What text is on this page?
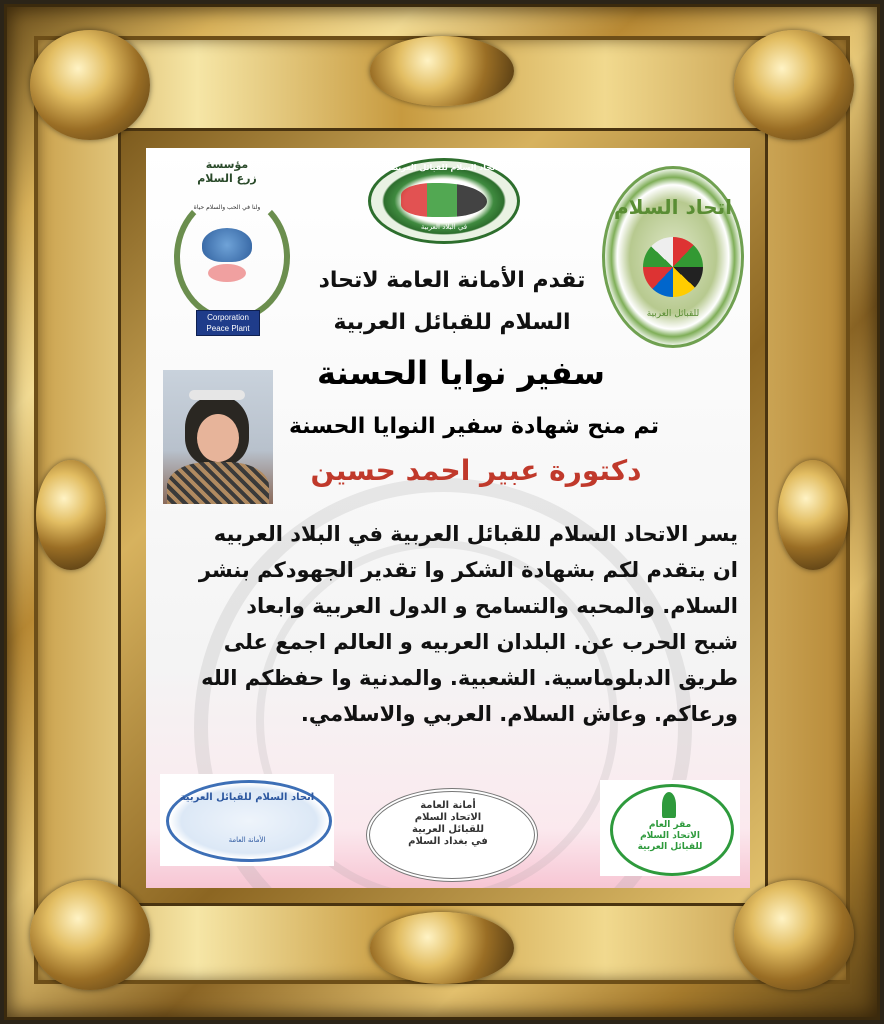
مؤسسة
زرع السلام
ولنا في الحب والسلام حياة
Corporation
Peace Plant
اتحاد السلام للقبائل العربية
في البلاد العربية
اتحاد السلام
للقبائل العربية
تقدم الأمانة العامة لاتحاد
السلام للقبائل العربية
سفير نوايا الحسنة
تم منح شهادة سفير النوايا الحسنة
دكتورة عبير احمد حسين
يسر الاتحاد السلام للقبائل العربية في البلاد العربيه
ان يتقدم لكم بشهادة الشكر وا تقدير الجهودكم بنشر
السلام. والمحبه والتسامح و الدول العربية وابعاد
شبح الحرب عن. البلدان العربيه و العالم اجمع على
طريق الدبلوماسية. الشعبية. والمدنية وا حفظكم الله
ورعاكم. وعاش السلام. العربي والاسلامي.
اتحاد السلام للقبائل العربية
الأمانة العامة
أمانة العامة
الاتحاد السلام
للقبائل العربية
في بغداد السلام
مقر العام
الاتحاد السلام
للقبائل العربية
